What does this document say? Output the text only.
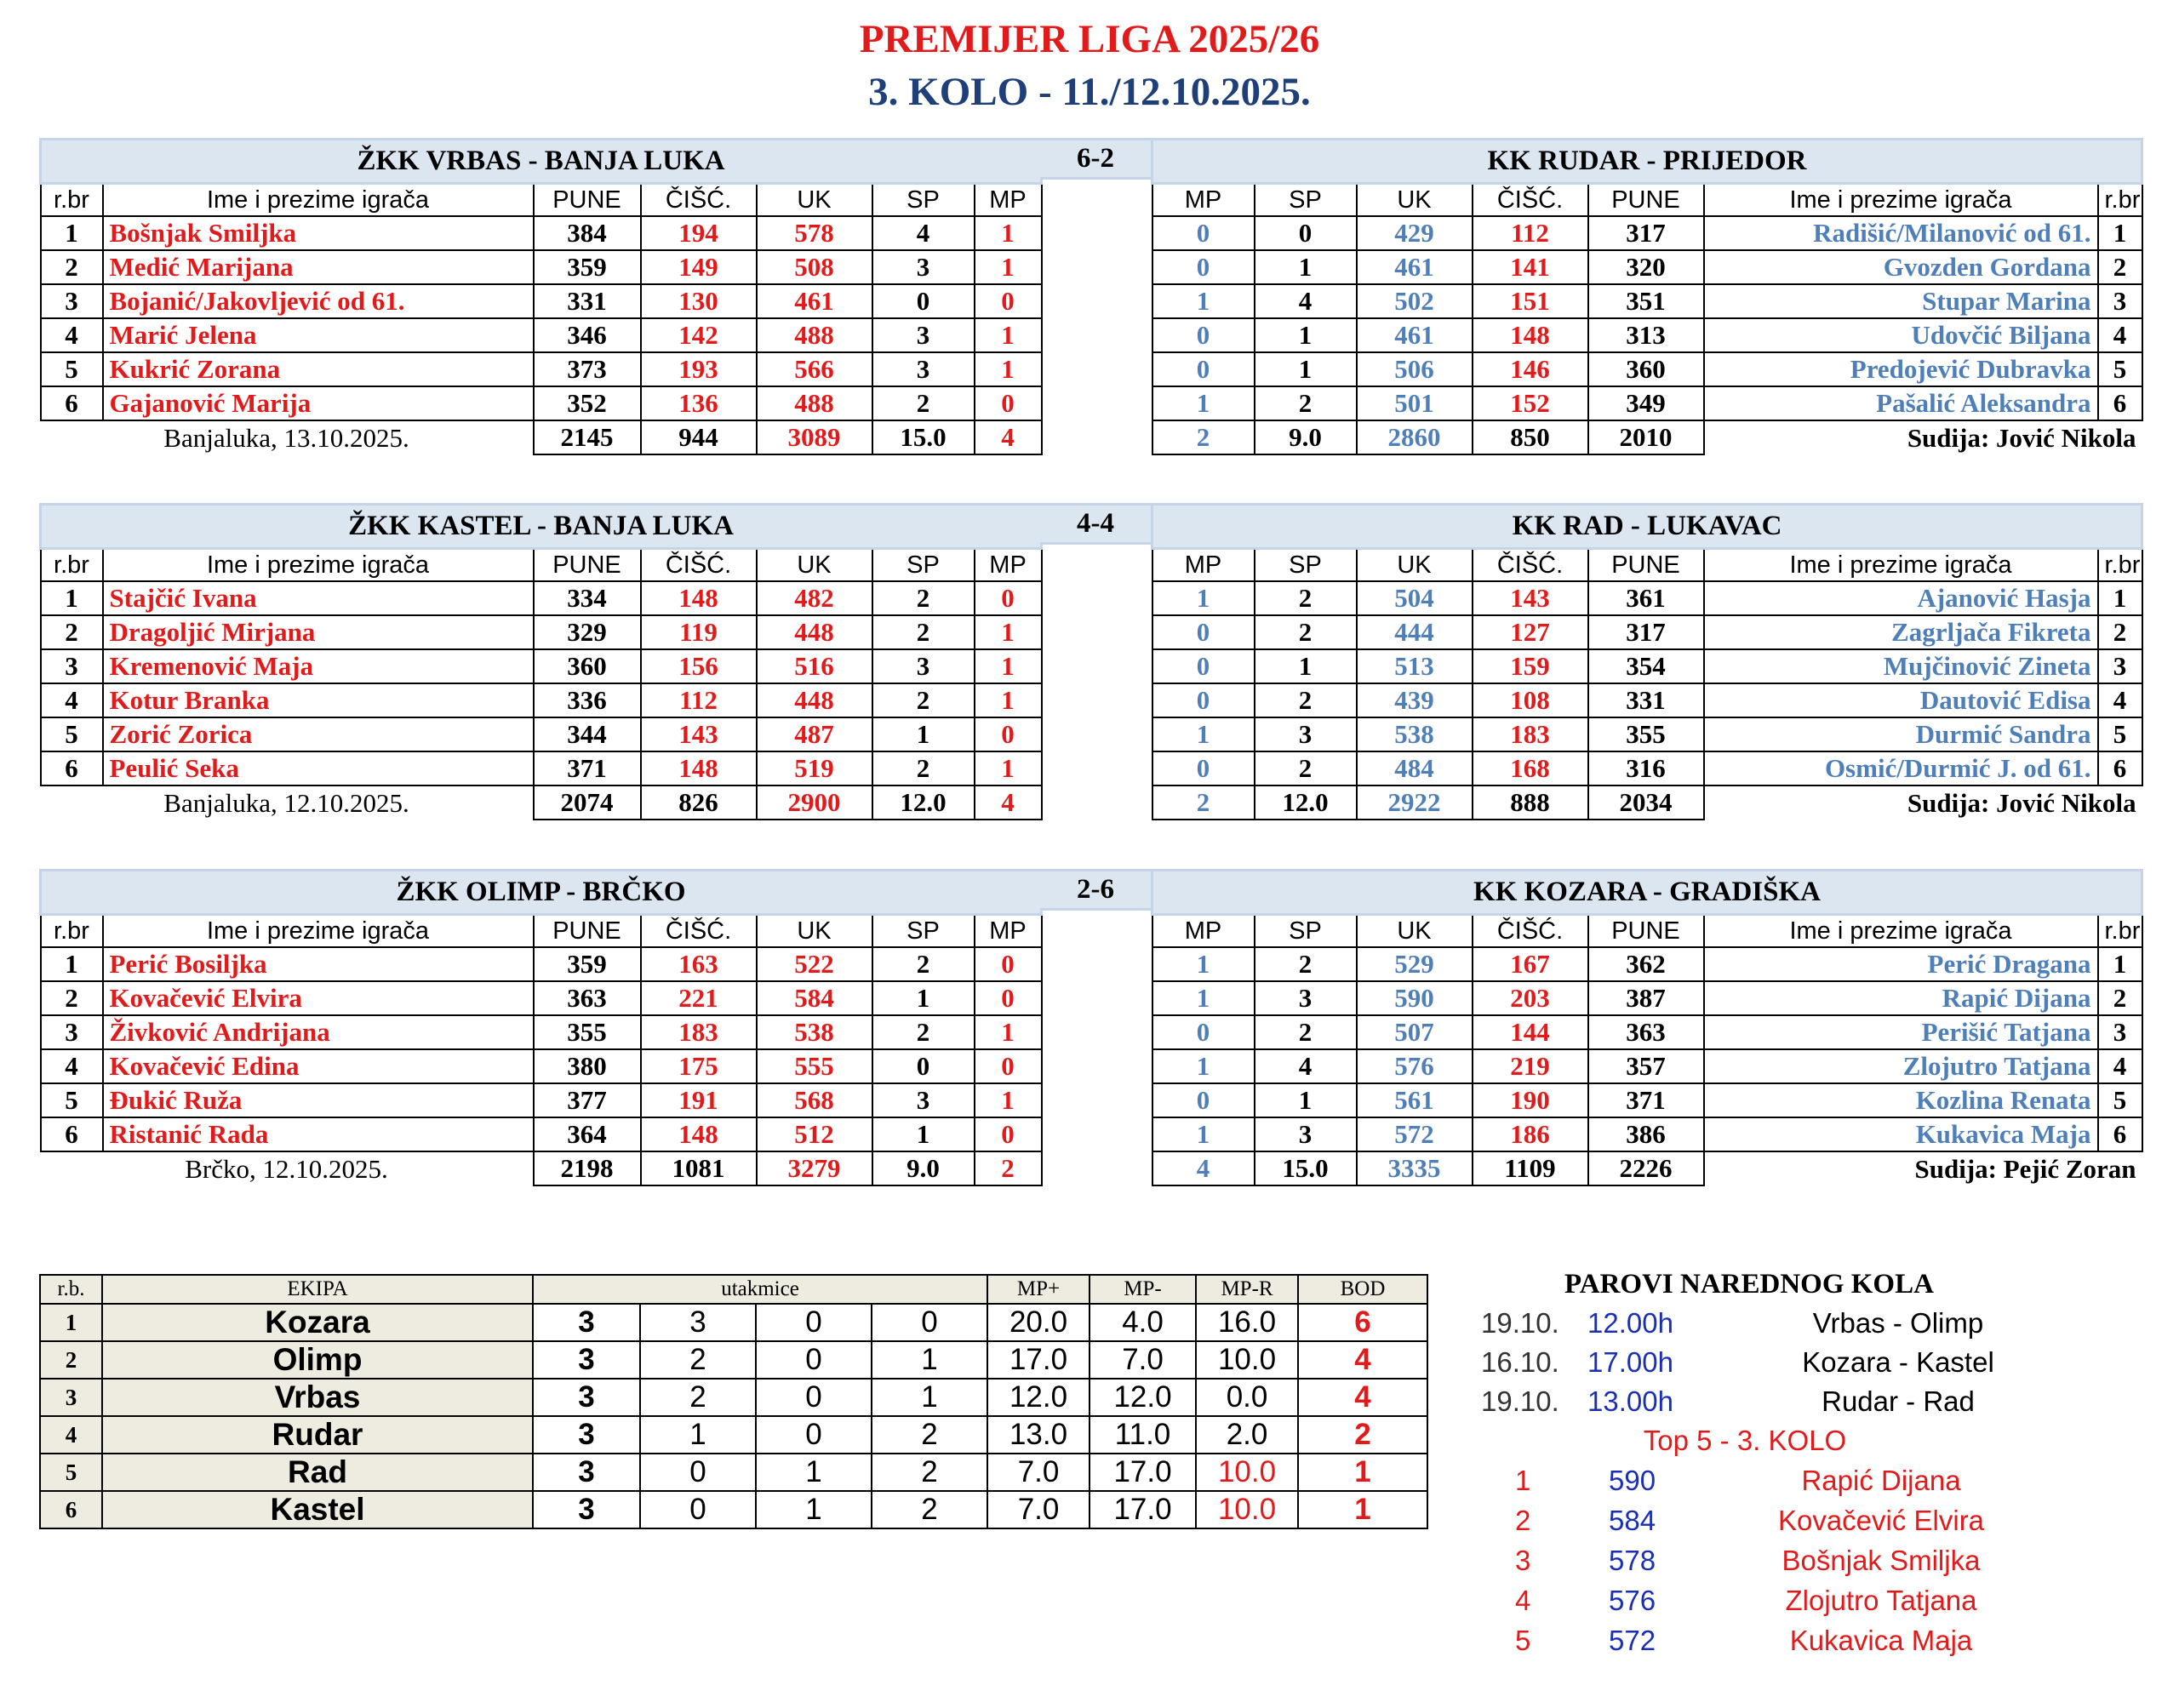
PREMIJER LIGA 2025/26
3. KOLO - 11./12.10.2025.
ŽKK VRBAS - BANJA LUKA						
r.br	Ime i prezime igrača	PUNE	ČIŠĆ.	UK	SP	MP
1	Bošnjak Smiljka	384	194	578	4	1
2	Medić Marijana	359	149	508	3	1
3	Bojanić/Jakovljević od 61.	331	130	461	0	0
4	Marić Jelena	346	142	488	3	1
5	Kukrić Zorana	373	193	566	3	1
6	Gajanović Marija	352	136	488	2	0
Banjaluka, 13.10.2025.		2145	944	3089	15.0	4
6-2	KK RUDAR - PRIJEDOR						
MP	SP	UK	ČIŠĆ.	PUNE	Ime i prezime igrača	r.br
0	0	429	112	317	Radišić/Milanović od 61.	1
0	1	461	141	320	Gvozden Gordana	2
1	4	502	151	351	Stupar Marina	3
0	1	461	148	313	Udovčić Biljana	4
0	1	506	146	360	Predojević Dubravka	5
1	2	501	152	349	Pašalić Aleksandra	6
2	9.0	2860	850	2010	Sudija: Jović Nikola	
ŽKK KASTEL - BANJA LUKA						
r.br	Ime i prezime igrača	PUNE	ČIŠĆ.	UK	SP	MP
1	Stajčić Ivana	334	148	482	2	0
2	Dragoljić Mirjana	329	119	448	2	1
3	Kremenović Maja	360	156	516	3	1
4	Kotur Branka	336	112	448	2	1
5	Zorić Zorica	344	143	487	1	0
6	Peulić Seka	371	148	519	2	1
Banjaluka, 12.10.2025.		2074	826	2900	12.0	4
4-4	KK RAD - LUKAVAC						
MP	SP	UK	ČIŠĆ.	PUNE	Ime i prezime igrača	r.br
1	2	504	143	361	Ajanović Hasja	1
0	2	444	127	317	Zagrljača Fikreta	2
0	1	513	159	354	Mujčinović Zineta	3
0	2	439	108	331	Dautović Edisa	4
1	3	538	183	355	Durmić Sandra	5
0	2	484	168	316	Osmić/Durmić J. od 61.	6
2	12.0	2922	888	2034	Sudija: Jović Nikola	
ŽKK OLIMP - BRČKO						
r.br	Ime i prezime igrača	PUNE	ČIŠĆ.	UK	SP	MP
1	Perić Bosiljka	359	163	522	2	0
2	Kovačević Elvira	363	221	584	1	0
3	Živković Andrijana	355	183	538	2	1
4	Kovačević Edina	380	175	555	0	0
5	Đukić Ruža	377	191	568	3	1
6	Ristanić Rada	364	148	512	1	0
Brčko, 12.10.2025.		2198	1081	3279	9.0	2
2-6	KK KOZARA - GRADIŠKA						
MP	SP	UK	ČIŠĆ.	PUNE	Ime i prezime igrača	r.br
1	2	529	167	362	Perić Dragana	1
1	3	590	203	387	Rapić Dijana	2
0	2	507	144	363	Perišić Tatjana	3
1	4	576	219	357	Zlojutro Tatjana	4
0	1	561	190	371	Kozlina Renata	5
1	3	572	186	386	Kukavica Maja	6
4	15.0	3335	1109	2226	Sudija: Pejić Zoran	
r.b.	EKIPA	utakmice				MP+	MP-	MP-R	BOD
1	Kozara	3	3	0	0	20.0	4.0	16.0	6
2	Olimp	3	2	0	1	17.0	7.0	10.0	4
3	Vrbas	3	2	0	1	12.0	12.0	0.0	4
4	Rudar	3	1	0	2	13.0	11.0	2.0	2
5	Rad	3	0	1	2	7.0	17.0	10.0	1
6	Kastel	3	0	1	2	7.0	17.0	10.0	1
PAROVI NAREDNOG KOLA
19.10. 12.00h	Vrbas - Olimp
16.10. 17.00h	Kozara - Kastel
19.10. 13.00h	Rudar - Rad
Top 5 - 3. KOLO
1	590	Rapić Dijana
2	584	Kovačević Elvira
3	578	Bošnjak Smiljka
4	576	Zlojutro Tatjana
5	572	Kukavica Maja
